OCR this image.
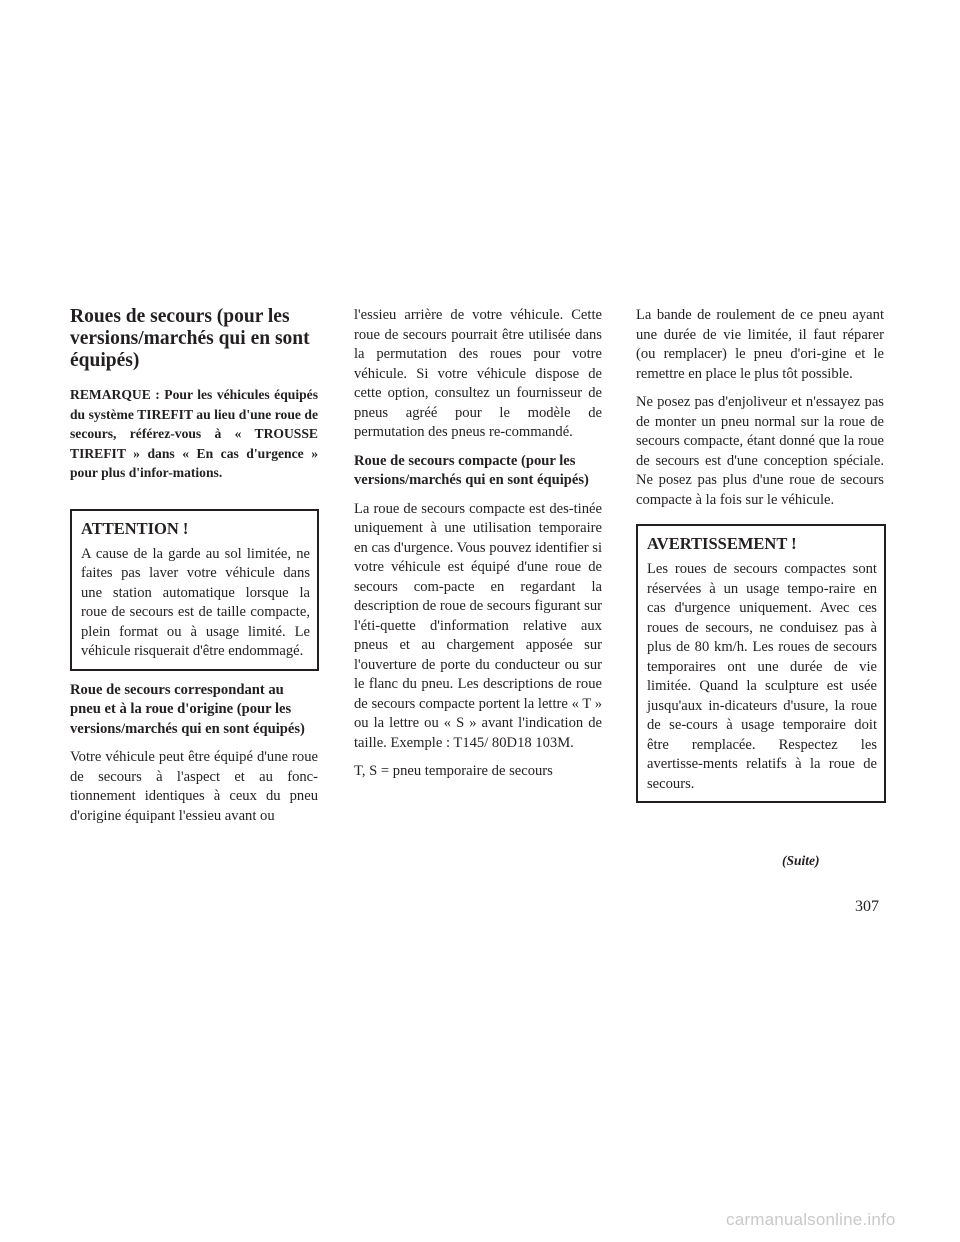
Roues de secours (pour les versions/marchés qui en sont équipés)

REMARQUE : Pour les véhicules équipés du système TIREFIT au lieu d'une roue de secours, référez-vous à « TROUSSE TIREFIT » dans « En cas d'urgence » pour plus d'infor-mations.

ATTENTION !

A cause de la garde au sol limitée, ne faites pas laver votre véhicule dans une station automatique lorsque la roue de secours est de taille compacte, plein format ou à usage limité. Le véhicule risquerait d'être endommagé.

Roue de secours correspondant au pneu et à la roue d'origine (pour les versions/marchés qui en sont équipés)

Votre véhicule peut être équipé d'une roue de secours à l'aspect et au fonc-tionnement identiques à ceux du pneu d'origine équipant l'essieu avant ou

l'essieu arrière de votre véhicule. Cette roue de secours pourrait être utilisée dans la permutation des roues pour votre véhicule. Si votre véhicule dispose de cette option, consultez un fournisseur de pneus agréé pour le modèle de permutation des pneus re-commandé.

Roue de secours compacte (pour les versions/marchés qui en sont équipés)

La roue de secours compacte est des-tinée uniquement à une utilisation temporaire en cas d'urgence. Vous pouvez identifier si votre véhicule est équipé d'une roue de secours com-pacte en regardant la description de roue de secours figurant sur l'éti-quette d'information relative aux pneus et au chargement apposée sur l'ouverture de porte du conducteur ou sur le flanc du pneu. Les descriptions de roue de secours compacte portent la lettre « T » ou la lettre ou « S » avant l'indication de taille. Exemple : T145/ 80D18 103M.

T, S = pneu temporaire de secours

La bande de roulement de ce pneu ayant une durée de vie limitée, il faut réparer (ou remplacer) le pneu d'ori-gine et le remettre en place le plus tôt possible.

Ne posez pas d'enjoliveur et n'essayez pas de monter un pneu normal sur la roue de secours compacte, étant donné que la roue de secours est d'une conception spéciale. Ne posez pas plus d'une roue de secours compacte à la fois sur le véhicule.

AVERTISSEMENT !

Les roues de secours compactes sont réservées à un usage tempo-raire en cas d'urgence uniquement. Avec ces roues de secours, ne conduisez pas à plus de 80 km/h. Les roues de secours temporaires ont une durée de vie limitée. Quand la sculpture est usée jusqu'aux in-dicateurs d'usure, la roue de se-cours à usage temporaire doit être remplacée. Respectez les avertisse-ments relatifs à la roue de secours.

(Suite)
307
carmanualsonline.info
